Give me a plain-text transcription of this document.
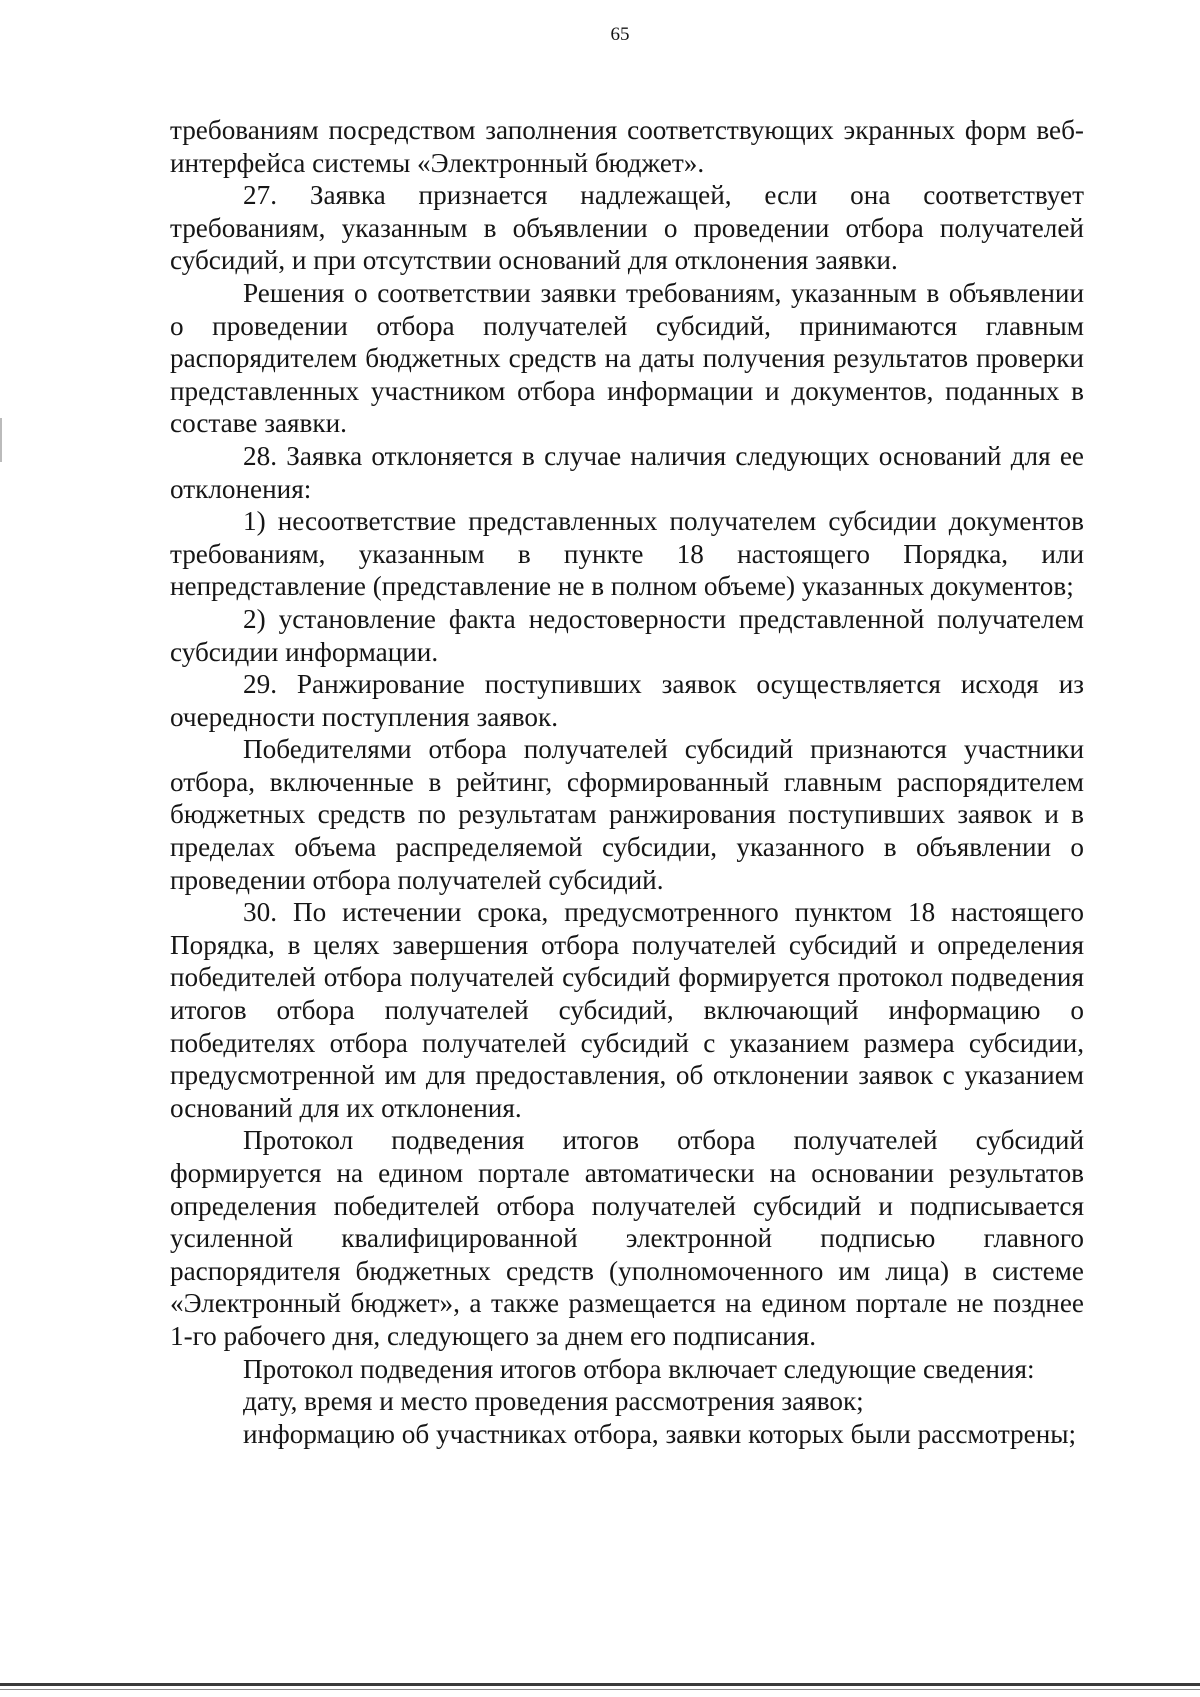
65

требованиям посредством заполнения соответствующих экранных форм веб-интерфейса системы «Электронный бюджет».

27. Заявка признается надлежащей, если она соответствует требованиям, указанным в объявлении о проведении отбора получателей субсидий, и при отсутствии оснований для отклонения заявки.

Решения о соответствии заявки требованиям, указанным в объявлении о проведении отбора получателей субсидий, принимаются главным распорядителем бюджетных средств на даты получения результатов проверки представленных участником отбора информации и документов, поданных в составе заявки.

28. Заявка отклоняется в случае наличия следующих оснований для ее отклонения:

1) несоответствие представленных получателем субсидии документов требованиям, указанным в пункте 18 настоящего Порядка, или непредставление (представление не в полном объеме) указанных документов;

2) установление факта недостоверности представленной получателем субсидии информации.

29. Ранжирование поступивших заявок осуществляется исходя из очередности поступления заявок.

Победителями отбора получателей субсидий признаются участники отбора, включенные в рейтинг, сформированный главным распорядителем бюджетных средств по результатам ранжирования поступивших заявок и в пределах объема распределяемой субсидии, указанного в объявлении о проведении отбора получателей субсидий.

30. По истечении срока, предусмотренного пунктом 18 настоящего Порядка, в целях завершения отбора получателей субсидий и определения победителей отбора получателей субсидий формируется протокол подведения итогов отбора получателей субсидий, включающий информацию о победителях отбора получателей субсидий с указанием размера субсидии, предусмотренной им для предоставления, об отклонении заявок с указанием оснований для их отклонения.

Протокол подведения итогов отбора получателей субсидий формируется на едином портале автоматически на основании результатов определения победителей отбора получателей субсидий и подписывается усиленной квалифицированной электронной подписью главного распорядителя бюджетных средств (уполномоченного им лица) в системе «Электронный бюджет», а также размещается на едином портале не позднее 1-го рабочего дня, следующего за днем его подписания.

Протокол подведения итогов отбора включает следующие сведения:

дату, время и место проведения рассмотрения заявок;

информацию об участниках отбора, заявки которых были рассмотрены;
